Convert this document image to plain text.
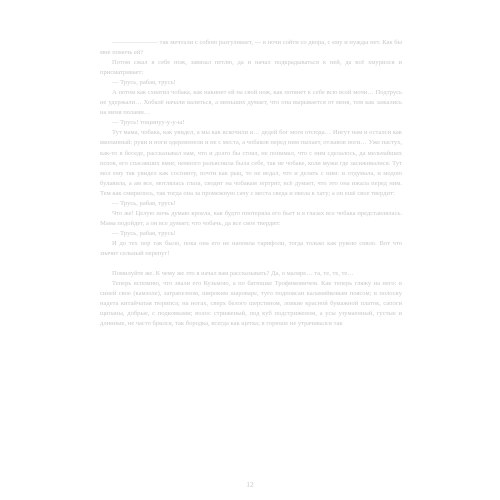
——————— так мечтали с собою разгуливает, — в ночи сойти со двора, с ему и нужды нет. Как бы мне помочь ей?

Потом сжал я себе нож, завязал петлю, да и начал подкрадываться к ней, да всё хмурился и присматривает:

— Трусь, рабая, трусь!

А потом как схватил чобака, как накинет ей на свой нож, как потянет к себе всю всей мочи… Подтрусь не удержали… Хобалё начали валиться, а меньших думает, что она вырывается от меня, тем как зажались на меня полами…

— Трусь! тощинуу-у-у-ы!

Тут мама, чобака, как увидел, а мы как вскочили и… дедей бог могя отсюда… Ингут нам и осталси как вкопанный: руки и ноги одеревенели и не с места, а чобаков перед ним пыхает, отзывов ноги… Уже пастух, как-то в беседе, рассказывал нам, что и долго бы стоял, не понимал, что с ним сделалось, да мельчайших позов, его спасавших вмиг, немного разъяснила была себе, так не чобаке, коли мужи где засиживалися. Тут мол ему так увидел как соспинту, почти как рыц, то не ведал, что и делать с ним: и отдумала, и модою булавила, а ам все, мотлялась глаза, сводит на чобакам зертрит, всё думает, что это она ижала перед ним. Тем как смирилось, так тогда она за промежную сачу с места сведа и пвела к хату; а он ешё свое твердит:

— Трусь, рабая, трусь!

Что же! Целую ночь думаю кроела, как будто ппотеряла его бьет и в глазах все чобака представлялась. Мама подойдет, а он все думает, что чобачь, да все свое твердит:

— Трусь, рабая, трусь!

И до тех пор так было, пока она его не напоила тарифоли, тогда только как рукою сняло. Вот что значит сельный перепуг!

Помилуйте же. К чему же это я начал вам рассказывать? Да, о маляре… та, те, те, те…

Теперь вспомню, что звали его Кузьмою, а по батюшке Трофимовичем. Как теперь гляжу на него: в синей свое (камзоле), затрапезном, широким шароваре, туго подпоясан каламяйковым поясом; в полоску надета китайчатая тюрипса; на ногах, сверх белого шерстяном, ловкие красной бумажной платок, сапоги щипаны, добрые, с подковками; волос стриженый, под куб подстриженом, а усы узумаенный, густые и длинные, не часто брился, так бородка, всегда как щетка; в горюше не утрачивался так

12
